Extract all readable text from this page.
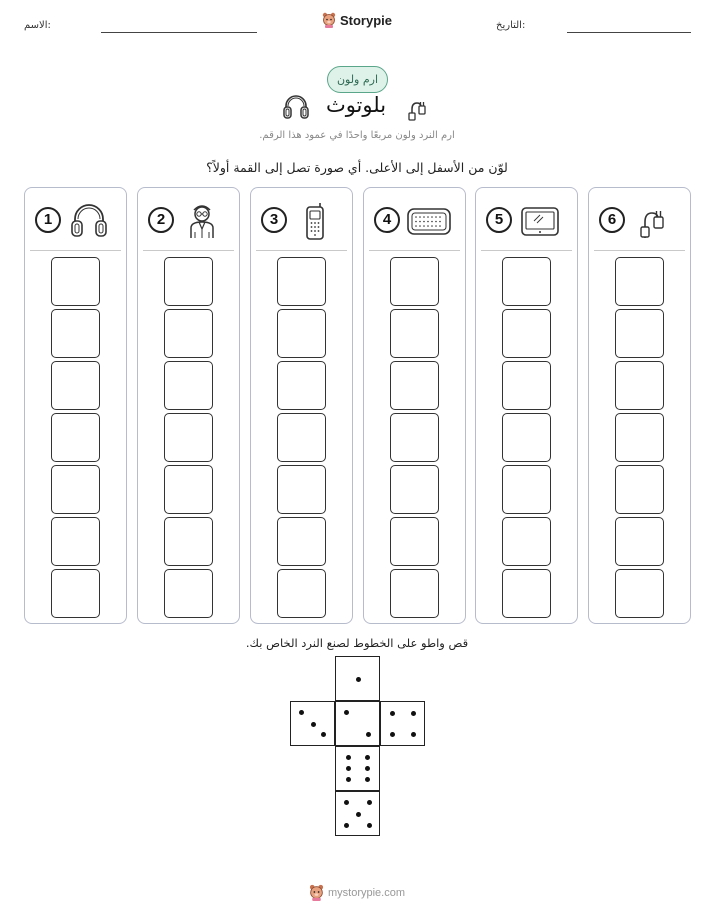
الاسم:	Storypie	التاريخ:
ارم ولون
بلوتوث
ارم النرد ولون مربعًا واحدًا في عمود هذا الرقم.
لوّن من الأسفل إلى الأعلى. أي صورة تصل إلى القمة أولاً؟
1	2	3	4	5	6
قص واطو على الخطوط لصنع النرد الخاص بك.
mystorypie.com
